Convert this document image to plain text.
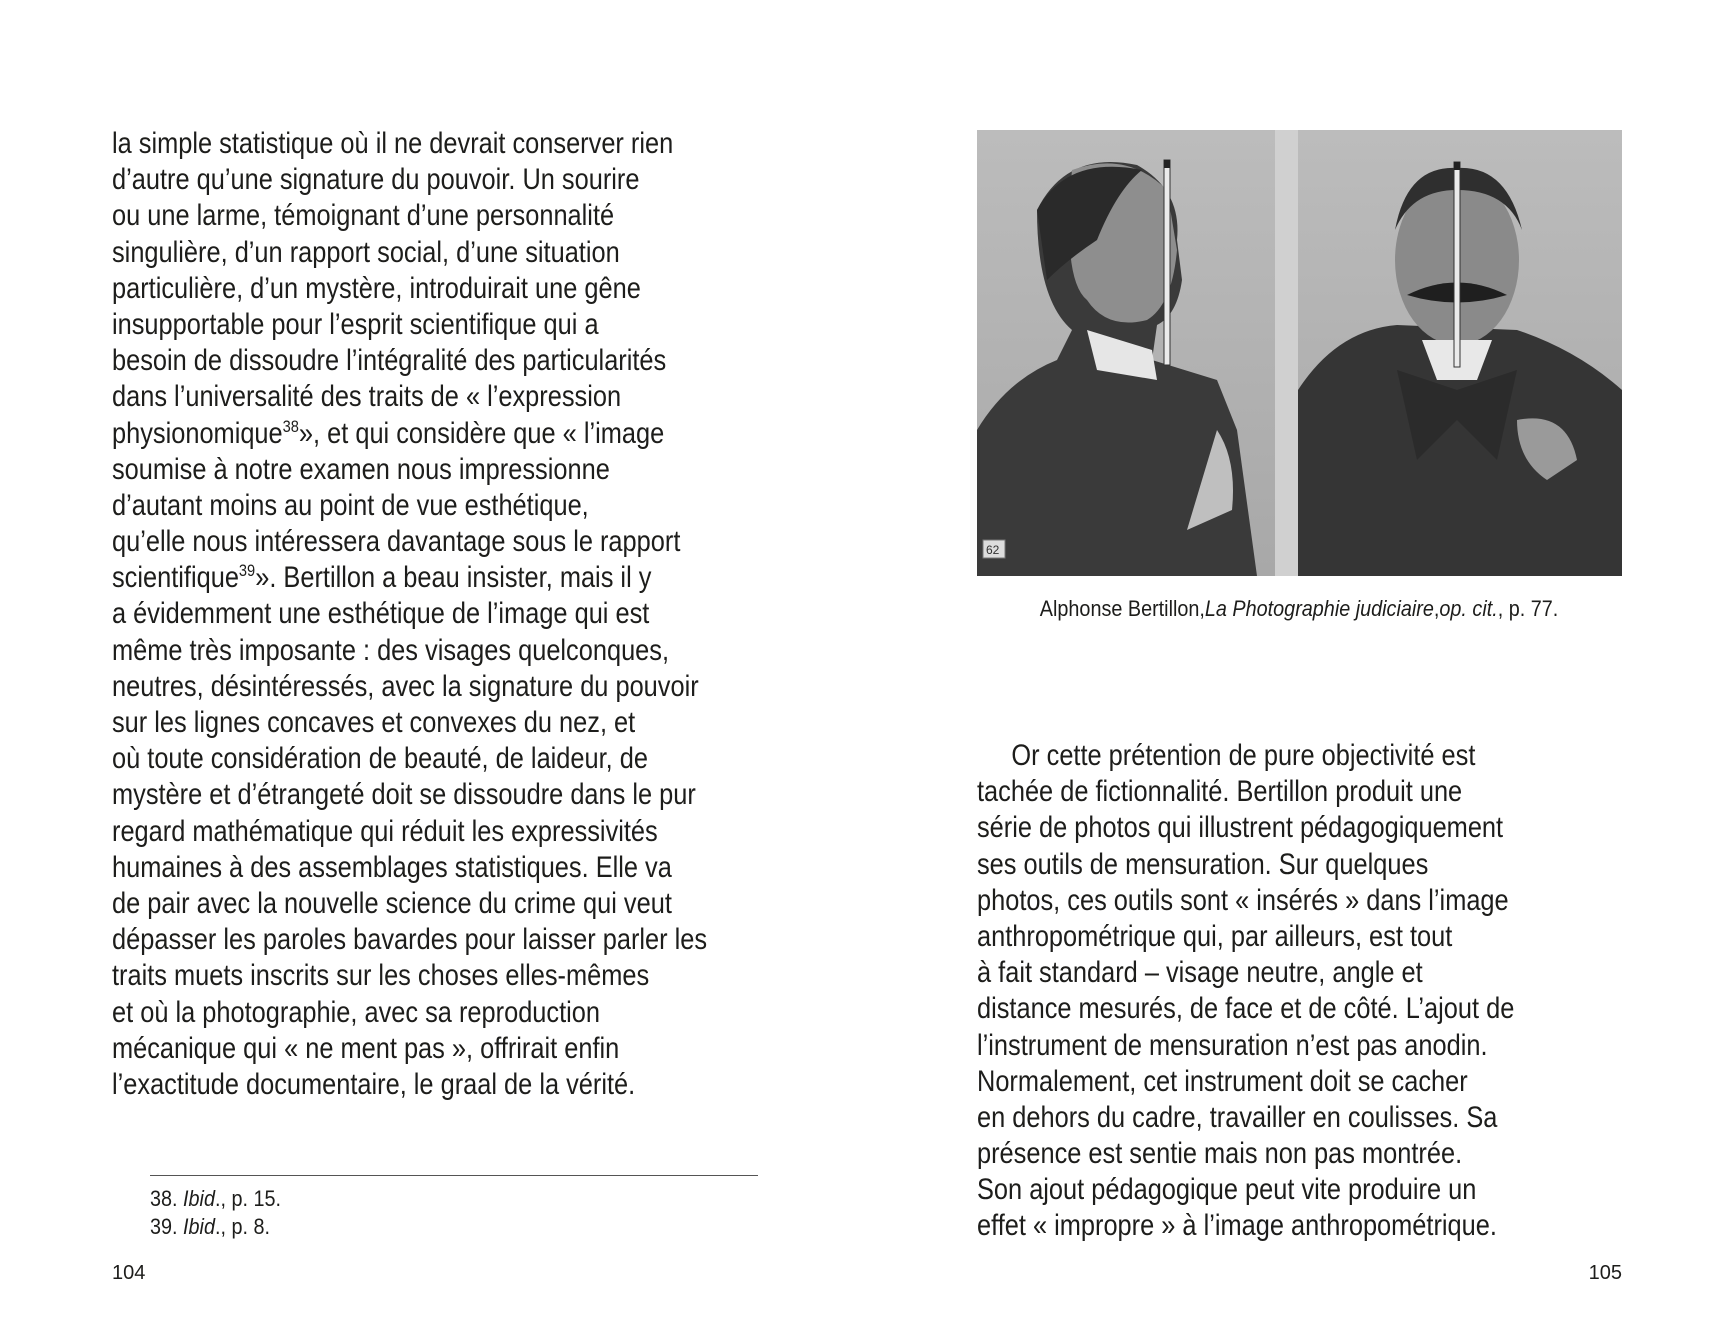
la simple statistique où il ne devrait conserver rien
d’autre qu’une signature du pouvoir. Un sourire
ou une larme, témoignant d’une personnalité
singulière, d’un rapport social, d’une situation
particulière, d’un mystère, introduirait une gêne
insupportable pour l’esprit scientifique qui a
besoin de dissoudre l’intégralité des particularités
dans l’universalité des traits de « l’expression
physionomique$^{38}$», et qui considère que « l’image
soumise à notre examen nous impressionne
d’autant moins au point de vue esthétique,
qu’elle nous intéressera davantage sous le rapport
scientifique$^{39}$». Bertillon a beau insister, mais il y
a évidemment une esthétique de l’image qui est
même très imposante : des visages quelconques,
neutres, désintéressés, avec la signature du pouvoir
sur les lignes concaves et convexes du nez, et
où toute considération de beauté, de laideur, de
mystère et d’étrangeté doit se dissoudre dans le pur
regard mathématique qui réduit les expressivités
humaines à des assemblages statistiques. Elle va
de pair avec la nouvelle science du crime qui veut
dépasser les paroles bavardes pour laisser parler les
traits muets inscrits sur les choses elles-mêmes
et où la photographie, avec sa reproduction
mécanique qui « ne ment pas », offrirait enfin
l’exactitude documentaire, le graal de la vérité.
38. Ibid., p. 15.
39. Ibid., p. 8.
104
62
Alphonse Bertillon,La Photographie judiciaire,op. cit., p. 77.
Or cette prétention de pure objectivité est
tachée de fictionnalité. Bertillon produit une
série de photos qui illustrent pédagogiquement
ses outils de mensuration. Sur quelques
photos, ces outils sont « insérés » dans l’image
anthropométrique qui, par ailleurs, est tout
à fait standard – visage neutre, angle et
distance mesurés, de face et de côté. L’ajout de
l’instrument de mensuration n’est pas anodin.
Normalement, cet instrument doit se cacher
en dehors du cadre, travailler en coulisses. Sa
présence est sentie mais non pas montrée.
Son ajout pédagogique peut vite produire un
effet « impropre » à l’image anthropométrique.
105
